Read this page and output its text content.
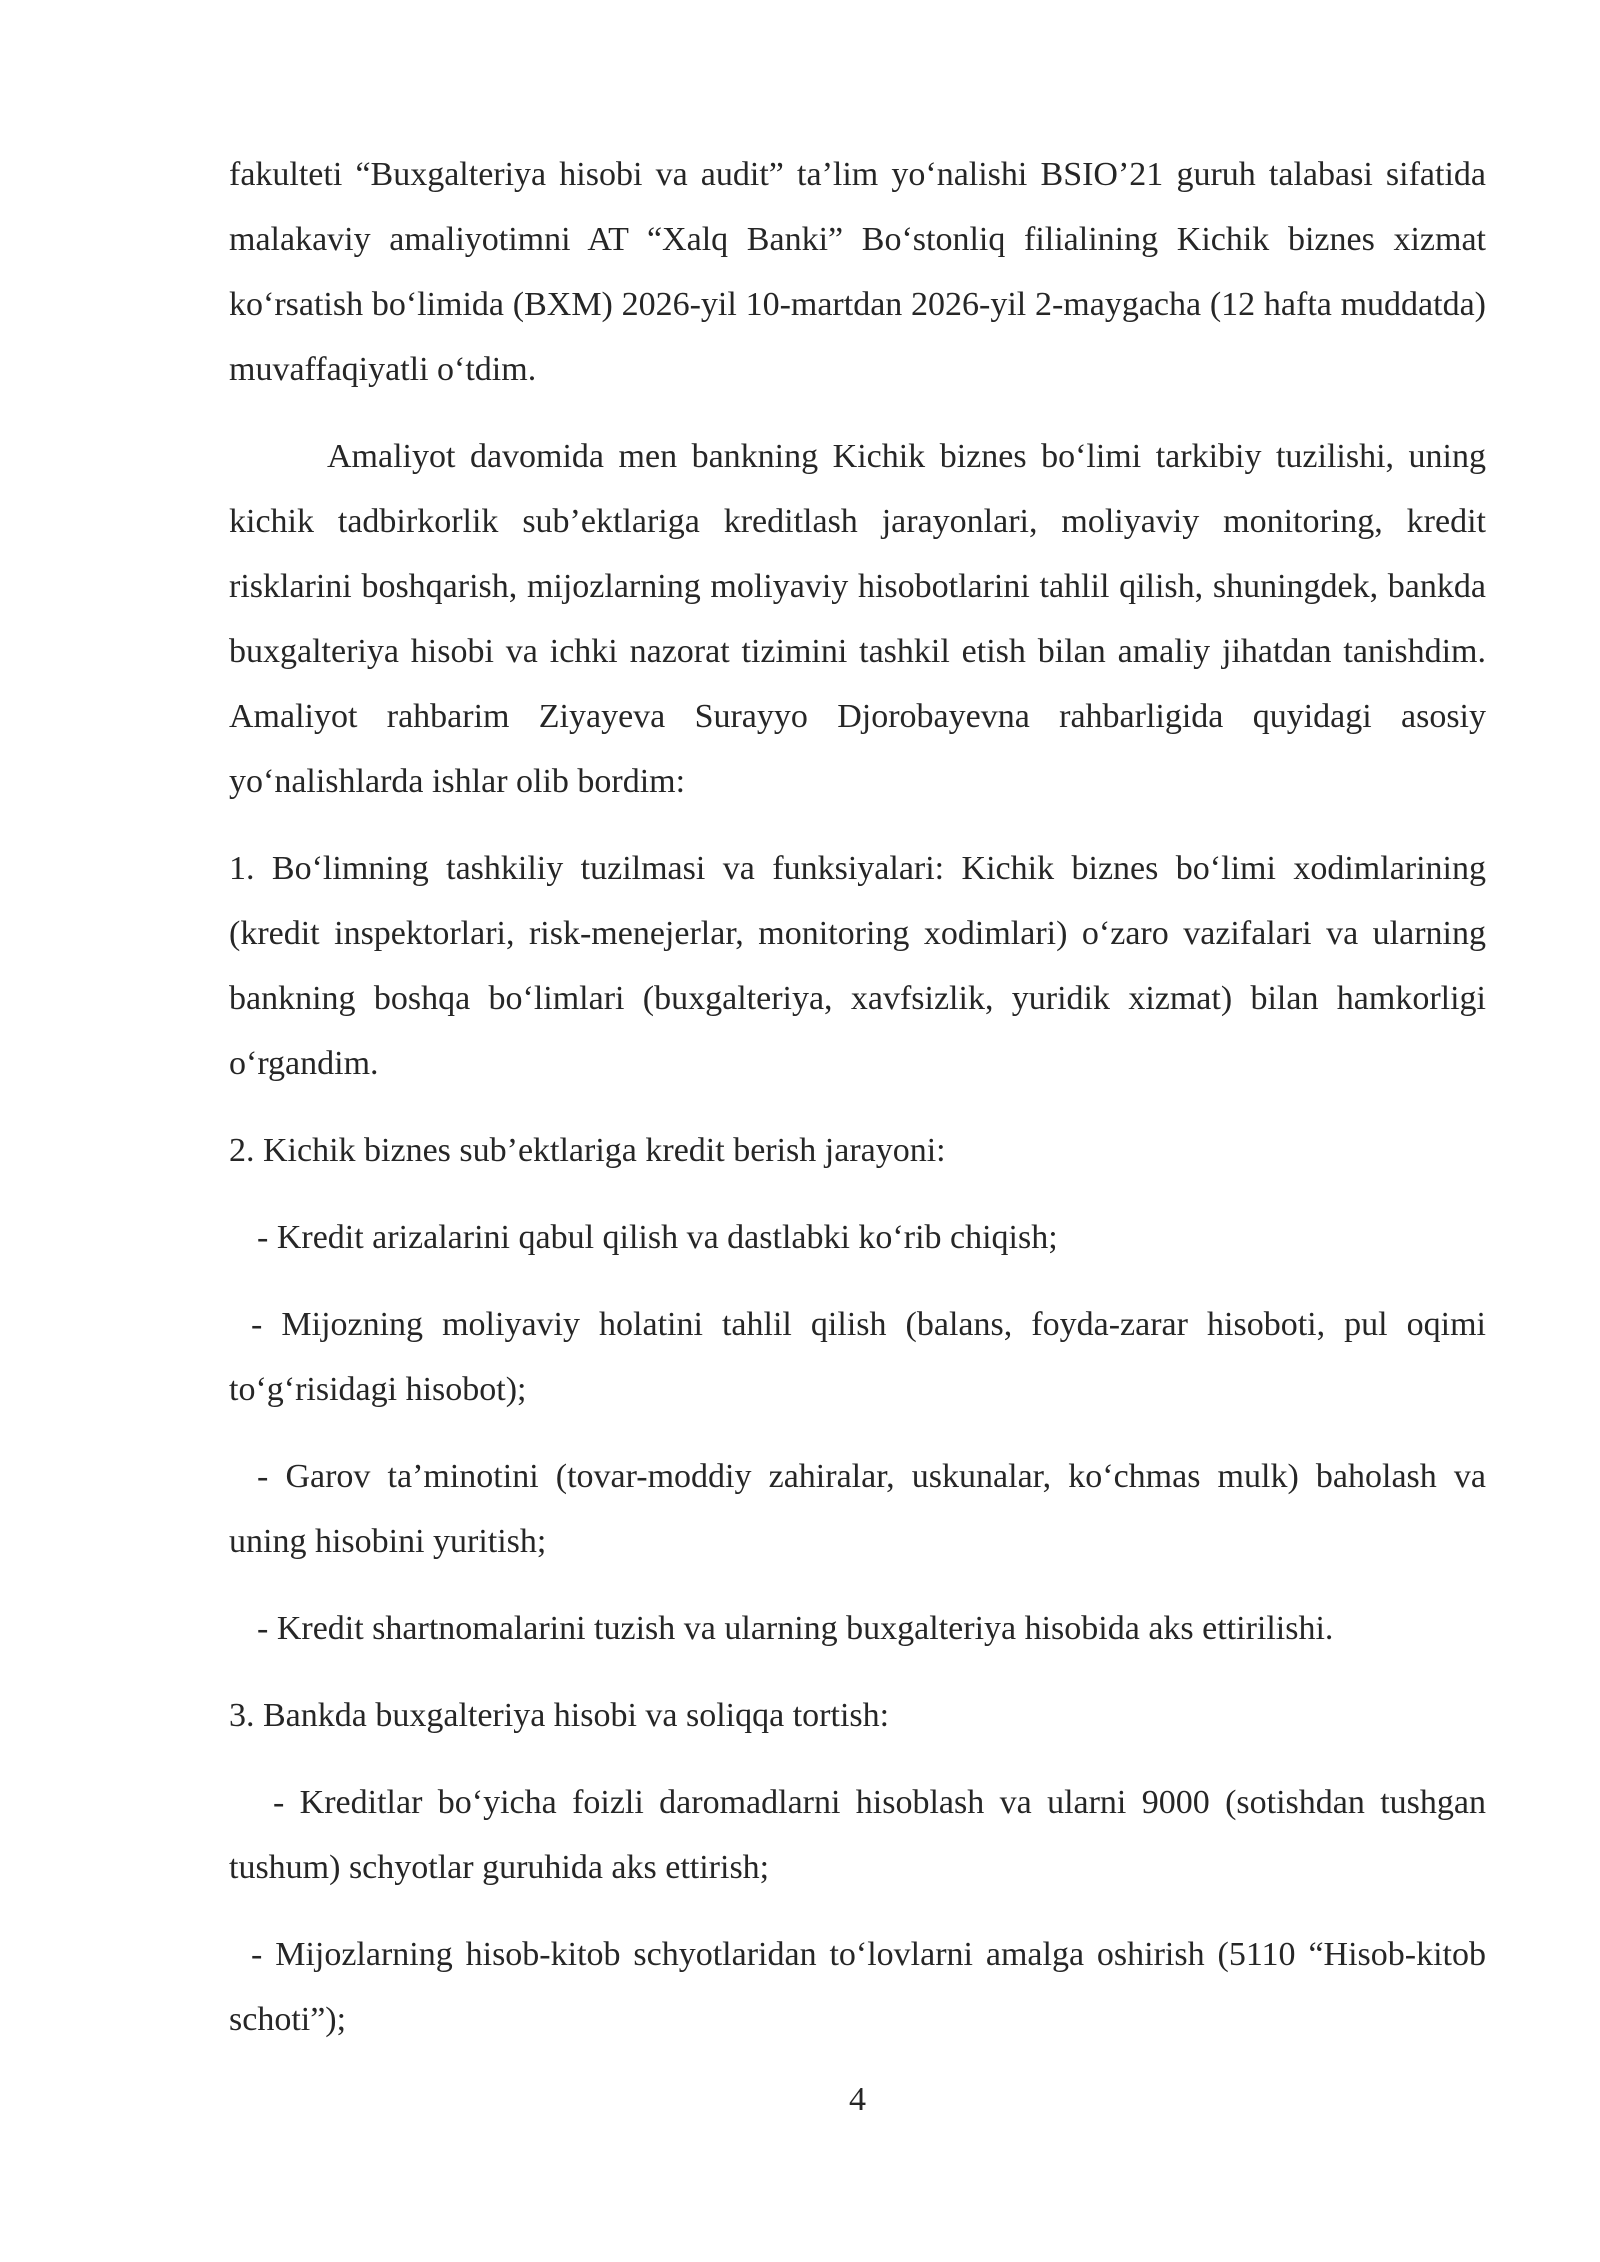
fakulteti “Buxgalteriya hisobi va audit” ta’lim yo‘nalishi BSIO’21 guruh talabasi sifatida malakaviy amaliyotimni AT “Xalq Banki” Bo‘stonliq filialining Kichik biznes xizmat ko‘rsatish bo‘limida (BXM) 2026-yil 10-martdan 2026-yil 2-maygacha (12 hafta muddatda) muvaffaqiyatli o‘tdim.

Amaliyot davomida men bankning Kichik biznes bo‘limi tarkibiy tuzilishi, uning kichik tadbirkorlik sub’ektlariga kreditlash jarayonlari, moliyaviy monitoring, kredit risklarini boshqarish, mijozlarning moliyaviy hisobotlarini tahlil qilish, shuningdek, bankda buxgalteriya hisobi va ichki nazorat tizimini tashkil etish bilan amaliy jihatdan tanishdim. Amaliyot rahbarim Ziyayeva Surayyo Djorobayevna rahbarligida quyidagi asosiy yo‘nalishlarda ishlar olib bordim:

1. Bo‘limning tashkiliy tuzilmasi va funksiyalari: Kichik biznes bo‘limi xodimlarining (kredit inspektorlari, risk-menejerlar, monitoring xodimlari) o‘zaro vazifalari va ularning bankning boshqa bo‘limlari (buxgalteriya, xavfsizlik, yuridik xizmat) bilan hamkorligi o‘rgandim.

2. Kichik biznes sub’ektlariga kredit berish jarayoni:

- Kredit arizalarini qabul qilish va dastlabki ko‘rib chiqish;

- Mijozning moliyaviy holatini tahlil qilish (balans, foyda-zarar hisoboti, pul oqimi to‘g‘risidagi hisobot);

- Garov ta’minotini (tovar-moddiy zahiralar, uskunalar, ko‘chmas mulk) baholash va uning hisobini yuritish;

- Kredit shartnomalarini tuzish va ularning buxgalteriya hisobida aks ettirilishi.

3. Bankda buxgalteriya hisobi va soliqqa tortish:

- Kreditlar bo‘yicha foizli daromadlarni hisoblash va ularni 9000 (sotishdan tushgan tushum) schyotlar guruhida aks ettirish;

- Mijozlarning hisob-kitob schyotlaridan to‘lovlarni amalga oshirish (5110 “Hisob-kitob schoti”);

4
